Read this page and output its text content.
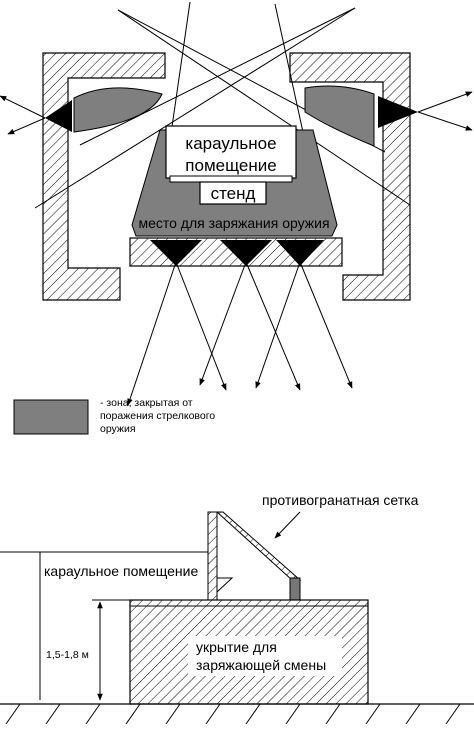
караульное
помещение
стенд
место для заряжания оружия
- зона, закрытая от
поражения стрелкового
оружия
противогранатная сетка
караульное помещение
укрытие для
заряжающей смены
1,5-1,8 м
